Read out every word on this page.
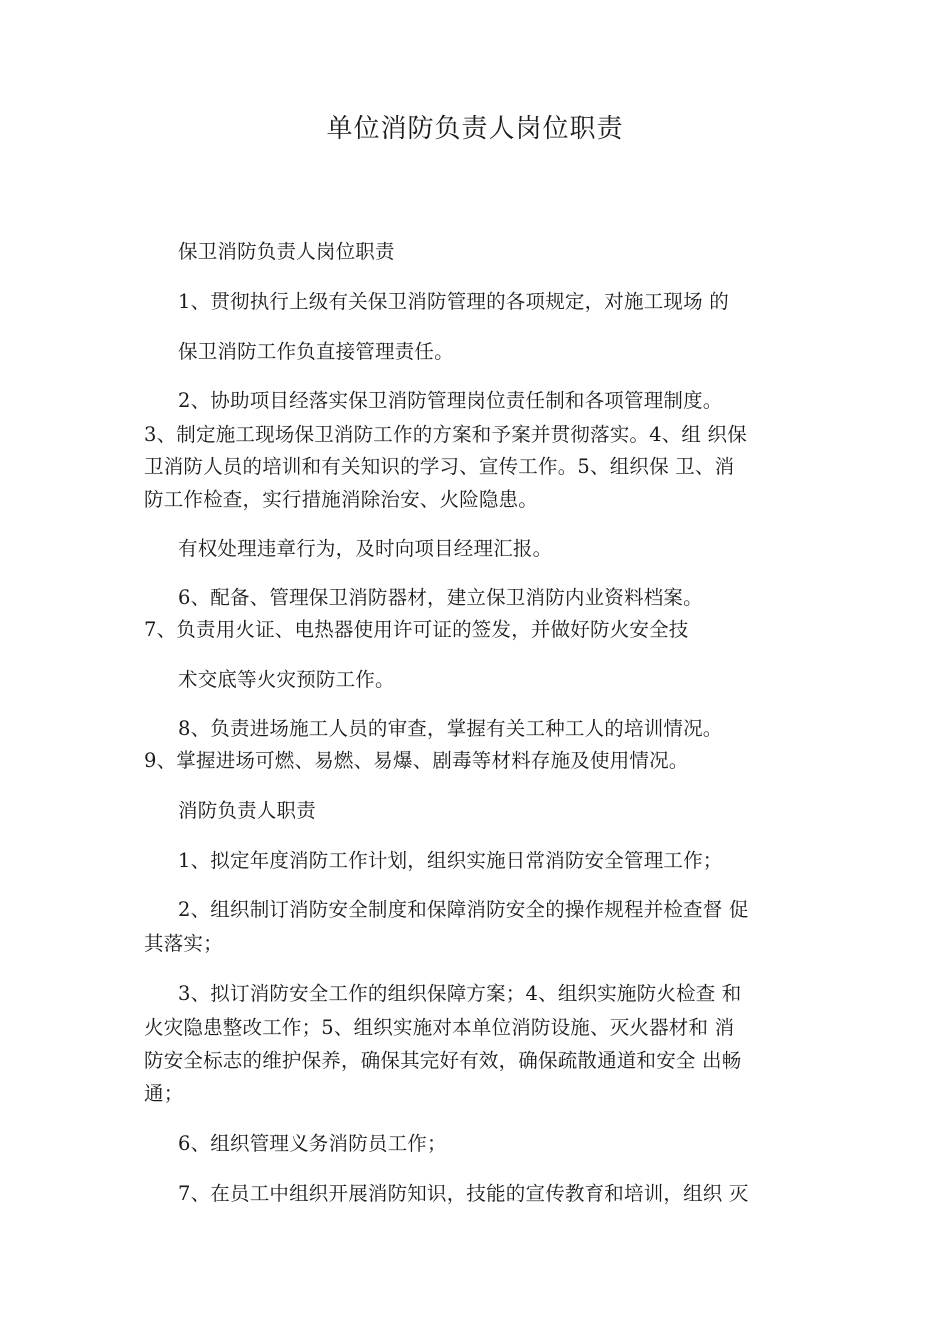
单位消防负责人岗位职责
保卫消防负责人岗位职责
1、贯彻执行上级有关保卫消防管理的各项规定，对施工现场 的
保卫消防工作负直接管理责任。
2、协助项目经落实保卫消防管理岗位责任制和各项管理制度。
3、制定施工现场保卫消防工作的方案和予案并贯彻落实。4、组 织保
卫消防人员的培训和有关知识的学习、宣传工作。5、组织保 卫、消
防工作检查，实行措施消除治安、火险隐患。
有权处理违章行为，及时向项目经理汇报。
6、配备、管理保卫消防器材，建立保卫消防内业资料档案。
7、负责用火证、电热器使用许可证的签发，并做好防火安全技
术交底等火灾预防工作。
8、负责进场施工人员的审查，掌握有关工种工人的培训情况。
9、掌握进场可燃、易燃、易爆、剧毒等材料存施及使用情况。
消防负责人职责
1、拟定年度消防工作计划，组织实施日常消防安全管理工作；
2、组织制订消防安全制度和保障消防安全的操作规程并检查督 促
其落实；
3、拟订消防安全工作的组织保障方案；4、组织实施防火检查 和
火灾隐患整改工作；5、组织实施对本单位消防设施、灭火器材和 消
防安全标志的维护保养，确保其完好有效，确保疏散通道和安全 出畅
通；
6、组织管理义务消防员工作；
7、在员工中组织开展消防知识，技能的宣传教育和培训，组织 灭
